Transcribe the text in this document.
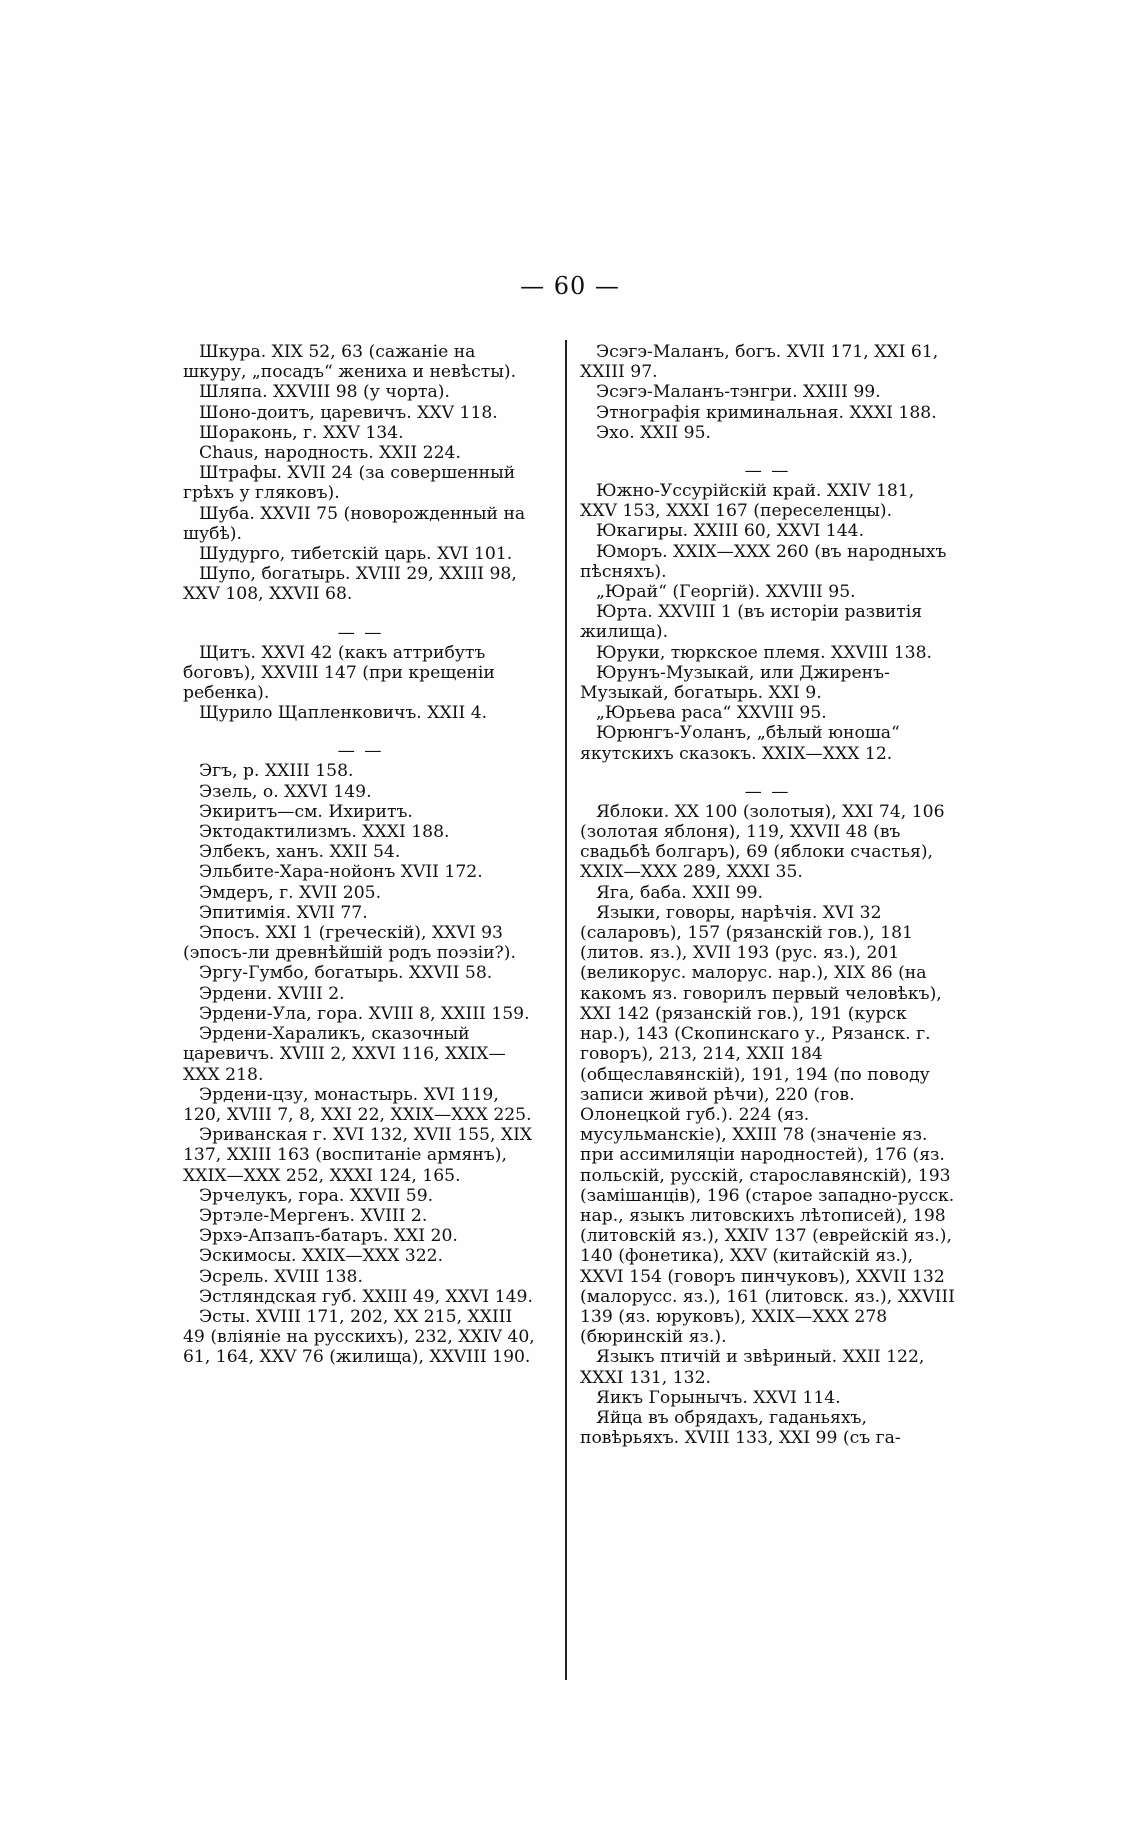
— 60 —

Шкура. XIX 52, 63 (сажаніе на шкуру, „посадъ“ жениха и невѣсты).

Шляпа. XXVIII 98 (у чорта).

Шоно-доитъ, царевичъ. XXV 118.

Шораконь, г. XXV 134.

Chaus, народность. XXII 224.

Штрафы. XVII 24 (за совершенный грѣхъ у гляковъ).

Шуба. XXVII 75 (новорожденный на шубѣ).

Шудурго, тибетскій царь. XVI 101.

Шупо, богатырь. XVIII 29, XXIII 98, XXV 108, XXVII 68.

— —

Щитъ. XXVI 42 (какъ аттрибутъ боговъ), XXVIII 147 (при крещеніи ребенка).

Щурило Щапленковичъ. XXII 4.

— —

Эгъ, р. XXIII 158.

Эзель, о. XXVI 149.

Экиритъ—см. Ихиритъ.

Эктодактилизмъ. XXXI 188.

Элбекъ, ханъ. XXII 54.

Эльбите-Хара-нойонъ XVII 172.

Эмдеръ, г. XVII 205.

Эпитимія. XVII 77.

Эпосъ. XXI 1 (греческій), XXVI 93 (эпосъ-ли древнѣйшій родъ поэзіи?).

Эргу-Гумбо, богатырь. XXVII 58.

Эрдени. XVIII 2.

Эрдени-Ула, гора. XVIII 8, XXIII 159.

Эрдени-Хараликъ, сказочный царевичъ. XVIII 2, XXVI 116, XXIX—XXX 218.

Эрдени-цзу, монастырь. XVI 119, 120, XVIII 7, 8, XXI 22, XXIX—XXX 225.

Эриванская г. XVI 132, XVII 155, XIX 137, XXIII 163 (воспитаніе армянъ), XXIX—XXX 252, XXXI 124, 165.

Эрчелукъ, гора. XXVII 59.

Эртэле-Мергенъ. XVIII 2.

Эрхэ-Апзапъ-батаръ. XXI 20.

Эскимосы. XXIX—XXX 322.

Эсрель. XVIII 138.

Эстляндская губ. XXIII 49, XXVI 149.

Эсты. XVIII 171, 202, XX 215, XXIII 49 (вліяніе на русскихъ), 232, XXIV 40, 61, 164, XXV 76 (жилища), XXVIII 190.

Эсэгэ-Маланъ, богъ. XVII 171, XXI 61, XXIII 97.

Эсэгэ-Маланъ-тэнгри. XXIII 99.

Этнографія криминальная. XXXI 188.

Эхо. XXII 95.

— —

Южно-Уссурійскій край. XXIV 181, XXV 153, XXXI 167 (переселенцы).

Юкагиры. XXIII 60, XXVI 144.

Юморъ. XXIX—XXX 260 (въ народныхъ пѣсняхъ).

„Юрай“ (Георгій). XXVIII 95.

Юрта. XXVIII 1 (въ исторіи развитія жилища).

Юруки, тюркское племя. XXVIII 138.

Юрунъ-Музыкай, или Джиренъ-Музыкай, богатырь. XXI 9.

„Юрьева раса“ XXVIII 95.

Юрюнгъ-Уоланъ, „бѣлый юноша“ якутскихъ сказокъ. XXIX—XXX 12.

— —

Яблоки. XX 100 (золотыя), XXI 74, 106 (золотая яблоня), 119, XXVII 48 (въ свадьбѣ болгаръ), 69 (яблоки счастья), XXIX—XXX 289, XXXI 35.

Яга, баба. XXII 99.

Языки, говоры, нарѣчія. XVI 32 (саларовъ), 157 (рязанскій гов.), 181 (литов. яз.), XVII 193 (рус. яз.), 201 (великорус. малорус. нар.), XIX 86 (на какомъ яз. говорилъ первый человѣкъ), XXI 142 (рязанскій гов.), 191 (курск нар.), 143 (Скопинскаго у., Рязанск. г. говоръ), 213, 214, XXII 184 (общеславянскій), 191, 194 (по поводу записи живой рѣчи), 220 (гов. Олонецкой губ.). 224 (яз. мусульманскіе), XXIII 78 (значеніе яз. при ассимиляціи народностей), 176 (яз. польскій, русскій, старославянскій), 193 (замішанцiв), 196 (старое западно-русск. нар., языкъ литовскихъ лѣтописей), 198 (литовскій яз.), XXIV 137 (еврейскій яз.), 140 (фонетика), XXV (китайскій яз.), XXVI 154 (говоръ пинчуковъ), XXVII 132 (малорусс. яз.), 161 (литовск. яз.), XXVIII 139 (яз. юруковъ), XXIX—XXX 278 (бюринскій яз.).

Языкъ птичій и звѣриный. XXII 122, XXXI 131, 132.

Яикъ Горынычъ. XXVI 114.

Яйца въ обрядахъ, гаданьяхъ, повѣрьяхъ. XVIII 133, XXI 99 (съ га-
